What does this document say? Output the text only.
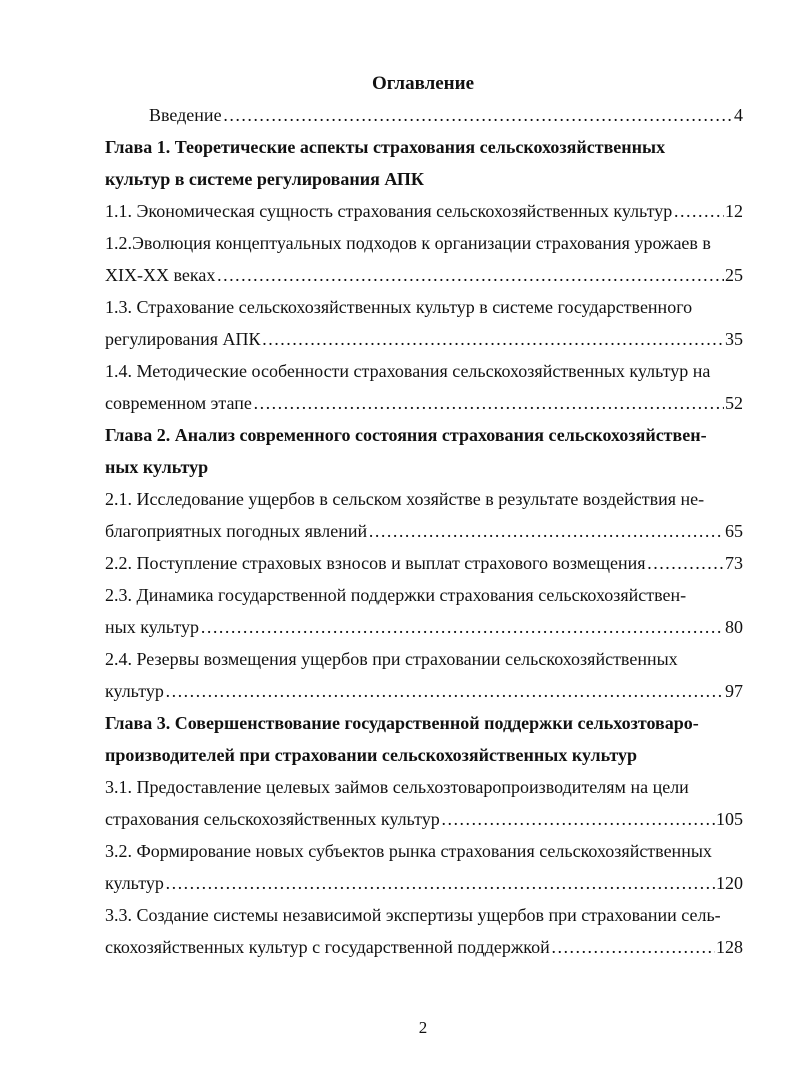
Оглавление
Введение ……………………………………………………………………………………………………………………………………………………………………………………	4
Глава 1. Теоретические аспекты страхования сельскохозяйственных
культур в системе регулирования АПК
1.1. Экономическая сущность страхования сельскохозяйственных культур ……………………………………………………………………………………………………………………………………………………………………………………	12
1.2.Эволюция концептуальных подходов к организации страхования урожаев в
XIX-XX веках ……………………………………………………………………………………………………………………………………………………………………………………	25
1.3. Страхование сельскохозяйственных культур в системе государственного
регулирования АПК ……………………………………………………………………………………………………………………………………………………………………………………	35
1.4. Методические особенности страхования сельскохозяйственных культур на
современном этапе ……………………………………………………………………………………………………………………………………………………………………………………	52
Глава 2. Анализ современного состояния страхования сельскохозяйствен-
ных культур
2.1. Исследование ущербов в сельском хозяйстве в результате воздействия не-
благоприятных погодных явлений ……………………………………………………………………………………………………………………………………………………………………………………	65
2.2. Поступление страховых взносов и выплат страхового возмещения ……………………………………………………………………………………………………………………………………………………………………………………	73
2.3. Динамика государственной поддержки страхования сельскохозяйствен-
ных культур ……………………………………………………………………………………………………………………………………………………………………………………	80
2.4. Резервы возмещения ущербов при страховании сельскохозяйственных
культур ……………………………………………………………………………………………………………………………………………………………………………………	97
Глава 3. Совершенствование государственной поддержки сельхозтоваро-
производителей при страховании сельскохозяйственных культур
3.1. Предоставление целевых займов сельхозтоваропроизводителям на цели
страхования сельскохозяйственных культур ……………………………………………………………………………………………………………………………………………………………………………………	105
3.2. Формирование новых субъектов рынка страхования сельскохозяйственных
культур ……………………………………………………………………………………………………………………………………………………………………………………	120
3.3. Создание системы независимой экспертизы ущербов при страховании сель-
скохозяйственных культур с государственной поддержкой ……………………………………………………………………………………………………………………………………………………………………………………	128
2
